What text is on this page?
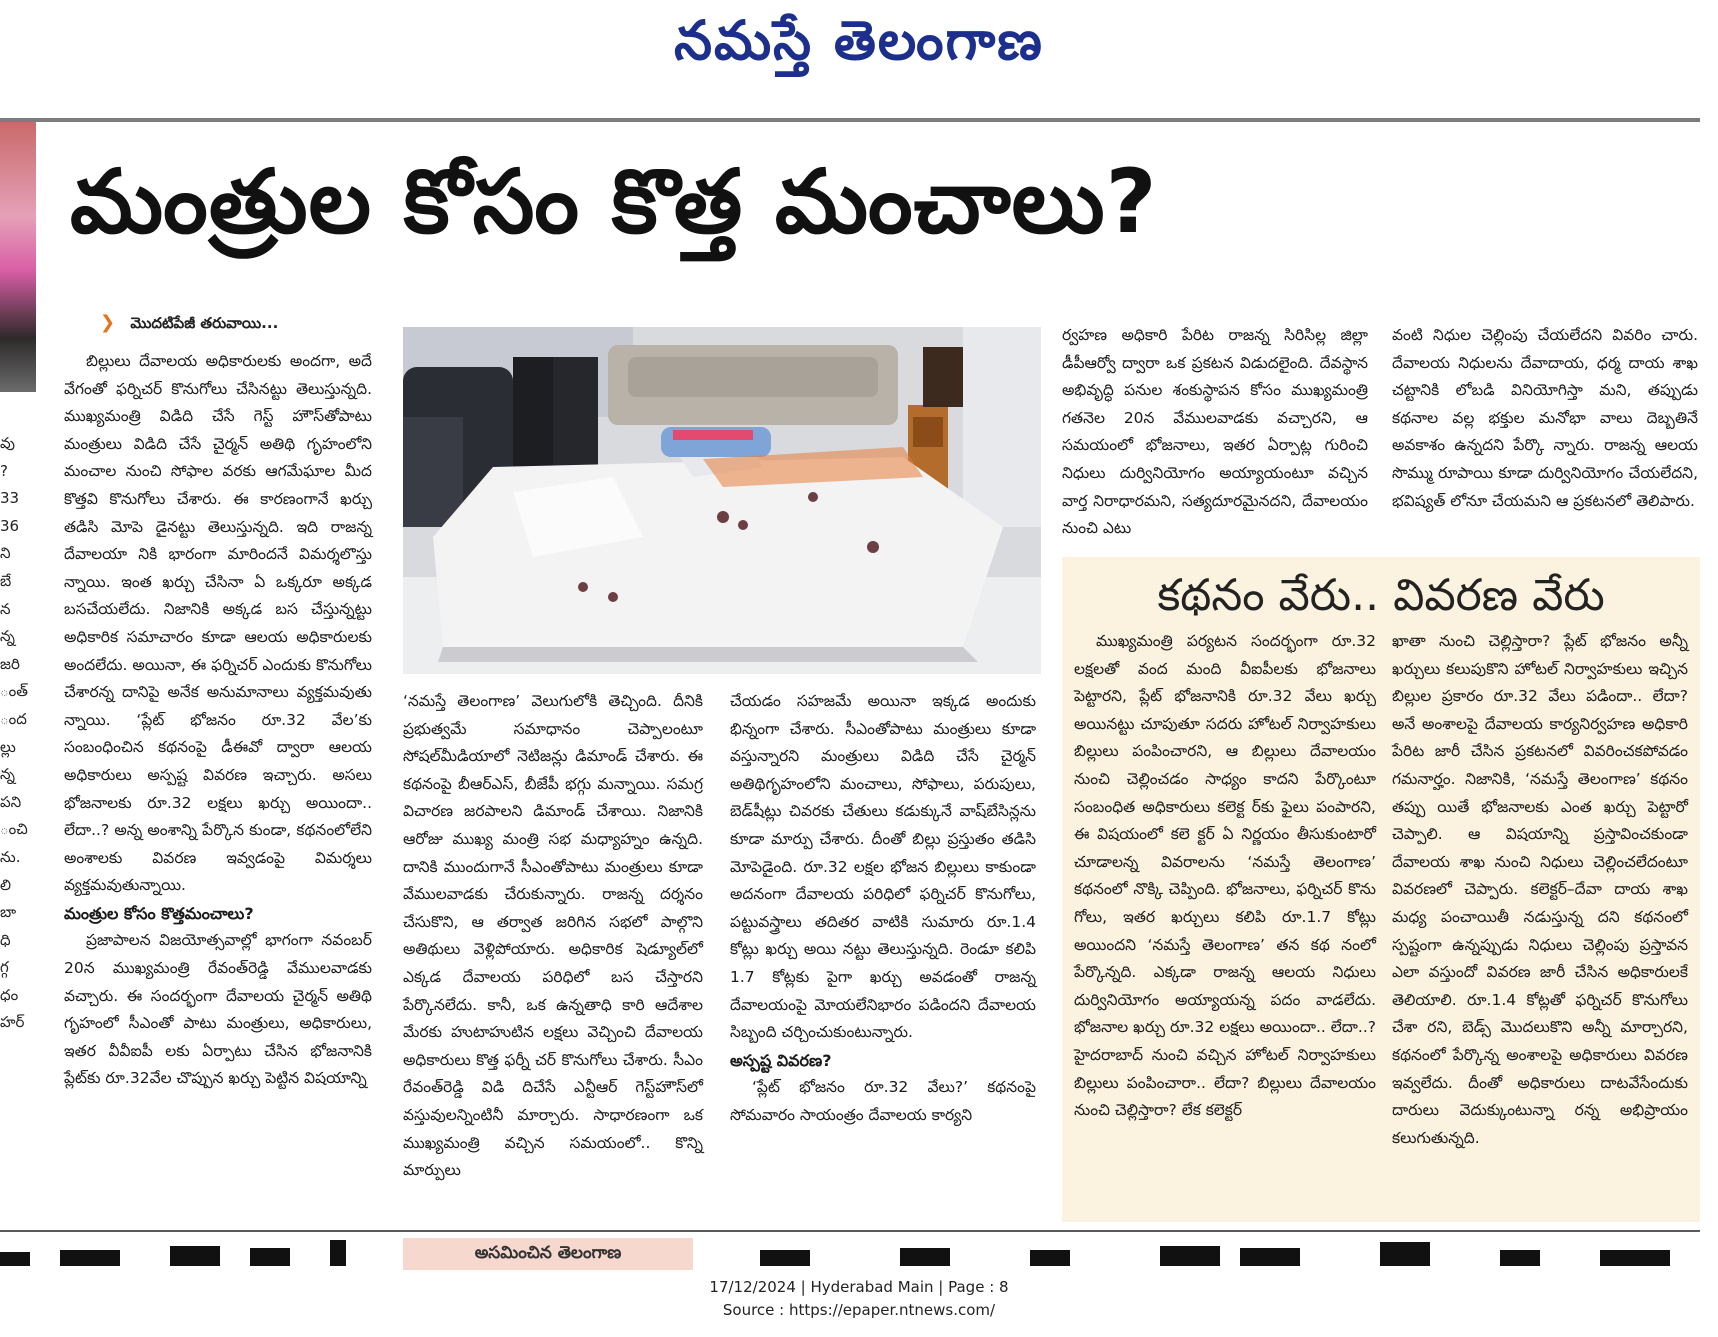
నమస్తే తెలంగాణ
వు
?
33
36
ని
బే
న
న్న
జరి
ంత్
ంద
ల్లు
న్న
పని
ంచి
ను.
లి
బా
ధి
గ్గ
ధం
హర్
మంత్రుల కోసం కొత్త మంచాలు?
❯ మొదటిపేజీ తరువాయి...

బిల్లులు దేవాలయ అధికారులకు అందగా, అదే వేగంతో ఫర్నిచర్ కొనుగోలు చేసినట్టు తెలుస్తున్నది. ముఖ్యమంత్రి విడిది చేసే గెస్ట్ హౌస్‌తోపాటు మంత్రులు విడిది చేసే చైర్మన్ అతిథి గృహంలోని మంచాల నుంచి సోఫాల వరకు ఆగమేఘాల మీద కొత్తవి కొనుగోలు చేశారు. ఈ కారణంగానే ఖర్చు తడిసి మోపె డైనట్టు తెలుస్తున్నది. ఇది రాజన్న దేవాలయా నికి భారంగా మారిందనే విమర్శలొస్తు న్నాయి. ఇంత ఖర్చు చేసినా ఏ ఒక్కరూ అక్కడ బసచేయలేదు. నిజానికి అక్కడ బస చేస్తున్నట్టు అధికారిక సమాచారం కూడా ఆలయ అధికారులకు అందలేదు. అయినా, ఈ ఫర్నిచర్ ఎందుకు కొనుగోలు చేశారన్న దానిపై అనేక అనుమానాలు వ్యక్తమవుతు న్నాయి. ‘ప్లేట్ భోజనం రూ.32 వేల’కు సంబంధించిన కథనంపై డీఈవో ద్వారా ఆలయ అధికారులు అస్పష్ట వివరణ ఇచ్చారు. అసలు భోజనాలకు రూ.32 లక్షలు ఖర్చు అయిందా.. లేదా..? అన్న అంశాన్ని పేర్కొన కుండా, కథనంలోలేని అంశాలకు వివరణ ఇవ్వడంపై విమర్శలు వ్యక్తమవుతున్నాయి.

మంత్రుల కోసం కొత్తమంచాలు?

ప్రజాపాలన విజయోత్సవాల్లో భాగంగా నవంబర్ 20న ముఖ్యమంత్రి రేవంత్‌రెడ్డి వేములవాడకు వచ్చారు. ఈ సందర్భంగా దేవాలయ చైర్మన్ అతిథి గృహంలో సీఎంతో పాటు మంత్రులు, అధికారులు, ఇతర వీవీఐపీ లకు ఏర్పాటు చేసిన భోజనానికి ప్లేట్‌కు రూ.32వేల చొప్పున ఖర్చు పెట్టిన విషయాన్ని

‘నమస్తే తెలంగాణ’ వెలుగులోకి తెచ్చింది. దీనికి ప్రభుత్వమే సమాధానం చెప్పాలంటూ సోషల్‌మీడియాలో నెటిజన్లు డిమాండ్ చేశారు. ఈ కథనంపై బీఆర్‌ఎస్, బీజేపీ భగ్గు మన్నాయి. సమగ్ర విచారణ జరపాలని డిమాండ్ చేశాయి. నిజానికి ఆరోజు ముఖ్య మంత్రి సభ మధ్యాహ్నం ఉన్నది. దానికి ముందుగానే సీఎంతోపాటు మంత్రులు కూడా వేములవాడకు చేరుకున్నారు. రాజన్న దర్శనం చేసుకొని, ఆ తర్వాత జరిగిన సభలో పాల్గొని అతిథులు వెళ్లిపోయారు. అధికారిక షెడ్యూల్‌లో ఎక్కడ దేవాలయ పరిధిలో బస చేస్తారని పేర్కొనలేదు. కానీ, ఒక ఉన్నతాధి కారి ఆదేశాల మేరకు హుటాహుటిన లక్షలు వెచ్చించి దేవాలయ అధికారులు కొత్త ఫర్నీ చర్ కొనుగోలు చేశారు. సీఎం రేవంత్‌రెడ్డి విడి దిచేసే ఎన్టీఆర్ గెస్ట్‌హౌస్‌లో వస్తువులన్నింటినీ మార్చారు. సాధారణంగా ఒక ముఖ్యమంత్రి వచ్చిన సమయంలో.. కొన్ని మార్పులు

చేయడం సహజమే అయినా ఇక్కడ అందుకు భిన్నంగా చేశారు. సీఎంతోపాటు మంత్రులు కూడా వస్తున్నారని మంత్రులు విడిది చేసే చైర్మన్ అతిథిగృహంలోని మంచాలు, సోఫాలు, పరుపులు, బెడ్‌షీట్లు చివరకు చేతులు కడుక్కునే వాష్‌బేసిన్లను కూడా మార్పు చేశారు. దీంతో బిల్లు ప్రస్తుతం తడిసి మోపెడైంది. రూ.32 లక్షల భోజన బిల్లులు కాకుండా అదనంగా దేవాలయ పరిధిలో ఫర్నిచర్ కొనుగోలు, పట్టువస్త్రాలు తదితర వాటికి సుమారు రూ.1.4 కోట్లు ఖర్చు అయి నట్టు తెలుస్తున్నది. రెండూ కలిపి 1.7 కోట్లకు పైగా ఖర్చు అవడంతో రాజన్న దేవాలయంపై మోయలేనిభారం పడిందని దేవాలయ సిబ్బంది చర్చించుకుంటున్నారు.

అస్పష్ట వివరణ?

‘ప్లేట్ భోజనం రూ.32 వేలు?’ కథనంపై సోమవారం సాయంత్రం దేవాలయ కార్యని

ర్వహణ అధికారి పేరిట రాజన్న సిరిసిల్ల జిల్లా డీపీఆర్వో ద్వారా ఒక ప్రకటన విడుదలైంది. దేవస్థాన అభివృద్ధి పనుల శంకుస్థాపన కోసం ముఖ్యమంత్రి గతనెల 20న వేములవాడకు వచ్చారని, ఆ సమయంలో భోజనాలు, ఇతర ఏర్పాట్ల గురించి నిధులు దుర్వినియోగం అయ్యాయంటూ వచ్చిన వార్త నిరాధారమని, సత్యదూరమైనదని, దేవాలయం నుంచి ఎటు

వంటి నిధుల చెల్లింపు చేయలేదని వివరిం చారు. దేవాలయ నిధులను దేవాదాయ, ధర్మ దాయ శాఖ చట్టానికి లోబడి వినియోగిస్తా మని, తప్పుడు కథనాల వల్ల భక్తుల మనోభా వాలు దెబ్బతినే అవకాశం ఉన్నదని పేర్కొ న్నారు. రాజన్న ఆలయ సొమ్ము రూపాయి కూడా దుర్వినియోగం చేయలేదని, భవిష్యత్ లోనూ చేయమని ఆ ప్రకటనలో తెలిపారు.

కథనం వేరు.. వివరణ వేరు

ముఖ్యమంత్రి పర్యటన సందర్భంగా రూ.32 లక్షలతో వంద మంది వీఐపీలకు భోజనాలు పెట్టారని, ప్లేట్ భోజనానికి రూ.32 వేలు ఖర్చు అయినట్టు చూపుతూ సదరు హోటల్ నిర్వాహకులు బిల్లులు పంపించారని, ఆ బిల్లులు దేవాలయం నుంచి చెల్లించడం సాధ్యం కాదని పేర్కొంటూ సంబంధిత అధికారులు కలెక్ట ర్‌కు ఫైలు పంపారని, ఈ విషయంలో కలె క్టర్ ఏ నిర్ణయం తీసుకుంటారో చూడాలన్న వివరాలను ‘నమస్తే తెలంగాణ’ కథనంలో నొక్కి చెప్పింది. భోజనాలు, ఫర్నిచర్ కొను గోలు, ఇతర ఖర్చులు కలిపి రూ.1.7 కోట్లు అయిందని ‘నమస్తే తెలంగాణ’ తన కథ నంలో పేర్కొన్నది. ఎక్కడా రాజన్న ఆలయ నిధులు దుర్వినియోగం అయ్యాయన్న పదం వాడలేదు. భోజనాల ఖర్చు రూ.32 లక్షలు అయిందా.. లేదా..? హైదరాబాద్ నుంచి వచ్చిన హోటల్ నిర్వాహకులు బిల్లులు పంపించారా.. లేదా? బిల్లులు దేవాలయం నుంచి చెల్లిస్తారా? లేక కలెక్టర్

ఖాతా నుంచి చెల్లిస్తారా? ప్లేట్ భోజనం అన్నీ ఖర్చులు కలుపుకొని హోటల్ నిర్వాహకులు ఇచ్చిన బిల్లుల ప్రకారం రూ.32 వేలు పడిందా.. లేదా? అనే అంశాలపై దేవాలయ కార్యనిర్వహణ అధికారి పేరిట జారీ చేసిన ప్రకటనలో వివరించకపోవడం గమనార్హం. నిజానికి, ‘నమస్తే తెలంగాణ’ కథనం తప్పు యితే భోజనాలకు ఎంత ఖర్చు పెట్టారో చెప్పాలి. ఆ విషయాన్ని ప్రస్తావించకుండా దేవాలయ శాఖ నుంచి నిధులు చెల్లించలేదంటూ వివరణలో చెప్పారు. కలెక్టర్–దేవా దాయ శాఖ మధ్య పంచాయితీ నడుస్తున్న దని కథనంలో స్పష్టంగా ఉన్నప్పుడు నిధులు చెల్లింపు ప్రస్తావన ఎలా వస్తుందో వివరణ జారీ చేసిన అధికారులకే తెలియాలి. రూ.1.4 కోట్లతో ఫర్నిచర్ కొనుగోలు చేశా రని, బెడ్స్ మొదలుకొని అన్నీ మార్చారని, కథనంలో పేర్కొన్న అంశాలపై అధికారులు వివరణ ఇవ్వలేదు. దీంతో అధికారులు దాటవేసేందుకు దారులు వెదుక్కుంటున్నా రన్న అభిప్రాయం కలుగుతున్నది.

అసమించిన తెలంగాణ
17/12/2024 | Hyderabad Main | Page : 8
Source : https://epaper.ntnews.com/
